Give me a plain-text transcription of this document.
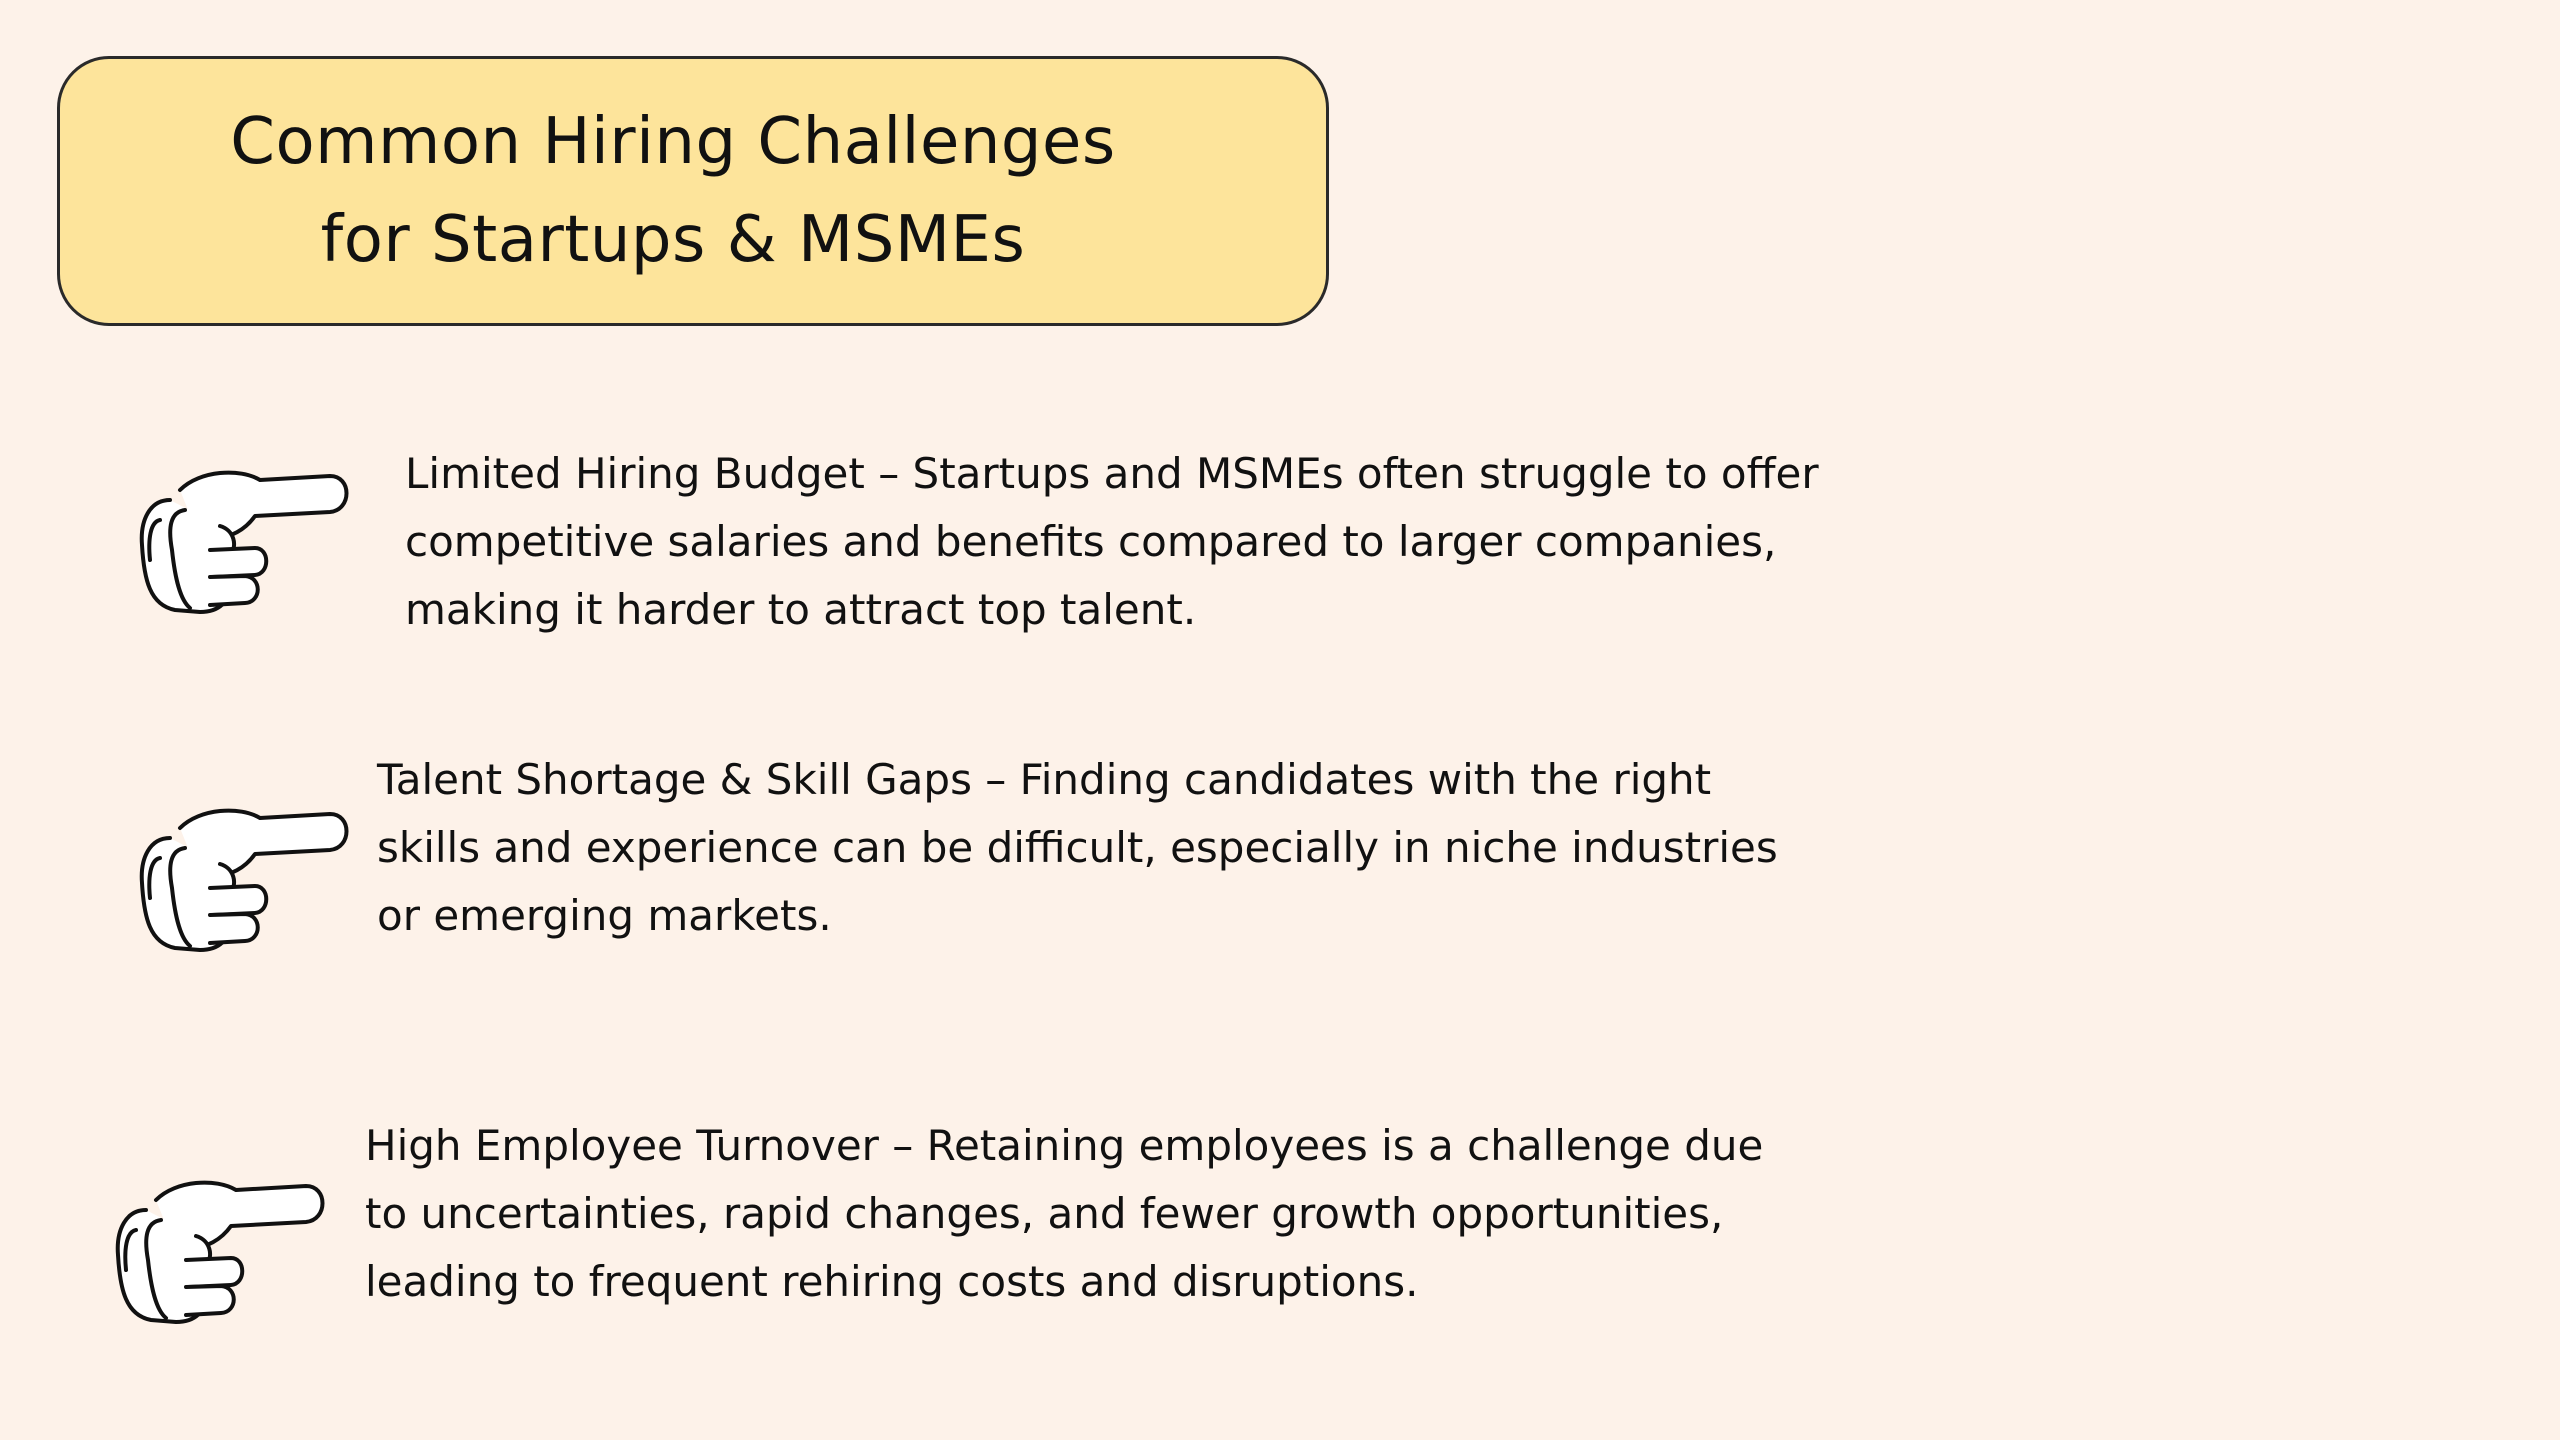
Common Hiring Challenges
for Startups & MSMEs
Limited Hiring Budget – Startups and MSMEs often struggle to offer
competitive salaries and benefits compared to larger companies,
making it harder to attract top talent.
Talent Shortage & Skill Gaps – Finding candidates with the right
skills and experience can be difficult, especially in niche industries
or emerging markets.
High Employee Turnover – Retaining employees is a challenge due
to uncertainties, rapid changes, and fewer growth opportunities,
leading to frequent rehiring costs and disruptions.
